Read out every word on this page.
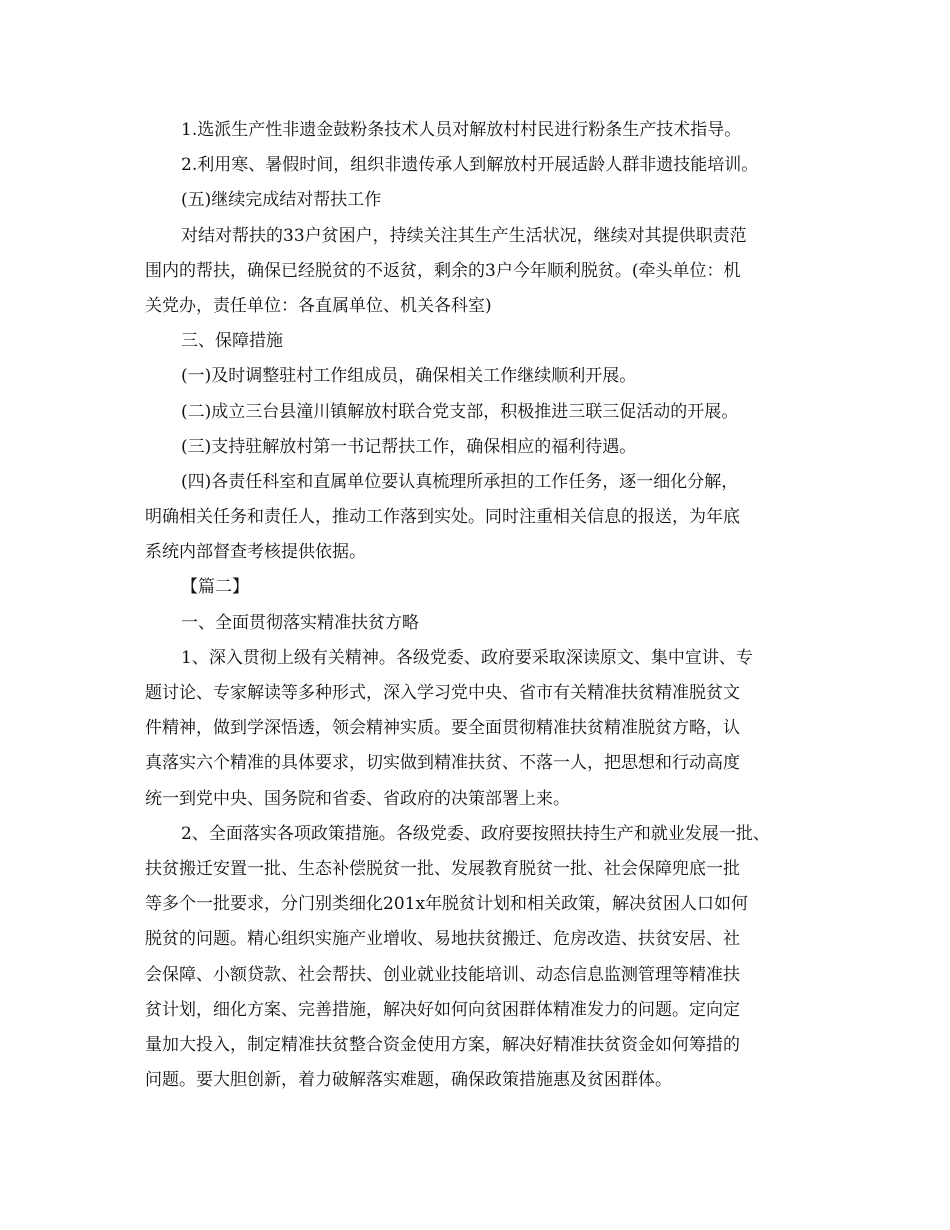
1.选派生产性非遗金鼓粉条技术人员对解放村村民进行粉条生产技术指导。
2.利用寒、暑假时间，组织非遗传承人到解放村开展适龄人群非遗技能培训。
(五)继续完成结对帮扶工作
对结对帮扶的33户贫困户，持续关注其生产生活状况，继续对其提供职责范
围内的帮扶，确保已经脱贫的不返贫，剩余的3户今年顺利脱贫。(牵头单位：机
关党办，责任单位：各直属单位、机关各科室)
三、保障措施
(一)及时调整驻村工作组成员，确保相关工作继续顺利开展。
(二)成立三台县潼川镇解放村联合党支部，积极推进三联三促活动的开展。
(三)支持驻解放村第一书记帮扶工作，确保相应的福利待遇。
(四)各责任科室和直属单位要认真梳理所承担的工作任务，逐一细化分解，
明确相关任务和责任人，推动工作落到实处。同时注重相关信息的报送，为年底
系统内部督查考核提供依据。
【篇二】
一、全面贯彻落实精准扶贫方略
1、深入贯彻上级有关精神。各级党委、政府要采取深读原文、集中宣讲、专
题讨论、专家解读等多种形式，深入学习党中央、省市有关精准扶贫精准脱贫文
件精神，做到学深悟透，领会精神实质。要全面贯彻精准扶贫精准脱贫方略，认
真落实六个精准的具体要求，切实做到精准扶贫、不落一人，把思想和行动高度
统一到党中央、国务院和省委、省政府的决策部署上来。
2、全面落实各项政策措施。各级党委、政府要按照扶持生产和就业发展一批、
扶贫搬迁安置一批、生态补偿脱贫一批、发展教育脱贫一批、社会保障兜底一批
等多个一批要求，分门别类细化201x年脱贫计划和相关政策，解决贫困人口如何
脱贫的问题。精心组织实施产业增收、易地扶贫搬迁、危房改造、扶贫安居、社
会保障、小额贷款、社会帮扶、创业就业技能培训、动态信息监测管理等精准扶
贫计划，细化方案、完善措施，解决好如何向贫困群体精准发力的问题。定向定
量加大投入，制定精准扶贫整合资金使用方案，解决好精准扶贫资金如何筹措的
问题。要大胆创新，着力破解落实难题，确保政策措施惠及贫困群体。
